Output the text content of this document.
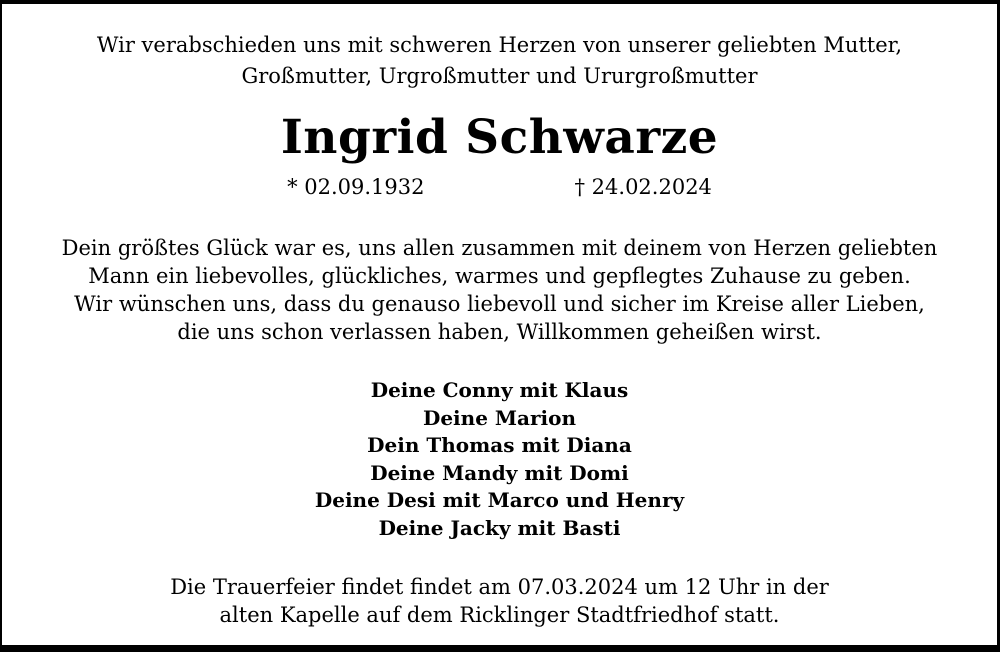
Wir verabschieden uns mit schweren Herzen von unserer geliebten Mutter,
Großmutter, Urgroßmutter und Ururgroßmutter
Ingrid Schwarze
* 02.09.1932	† 24.02.2024
Dein größtes Glück war es, uns allen zusammen mit deinem von Herzen geliebten
Mann ein liebevolles, glückliches, warmes und gepflegtes Zuhause zu geben.
Wir wünschen uns, dass du genauso liebevoll und sicher im Kreise aller Lieben,
die uns schon verlassen haben, Willkommen geheißen wirst.
Deine Conny mit Klaus
Deine Marion
Dein Thomas mit Diana
Deine Mandy mit Domi
Deine Desi mit Marco und Henry
Deine Jacky mit Basti
Die Trauerfeier findet findet am 07.03.2024 um 12 Uhr in der
alten Kapelle auf dem Ricklinger Stadtfriedhof statt.
